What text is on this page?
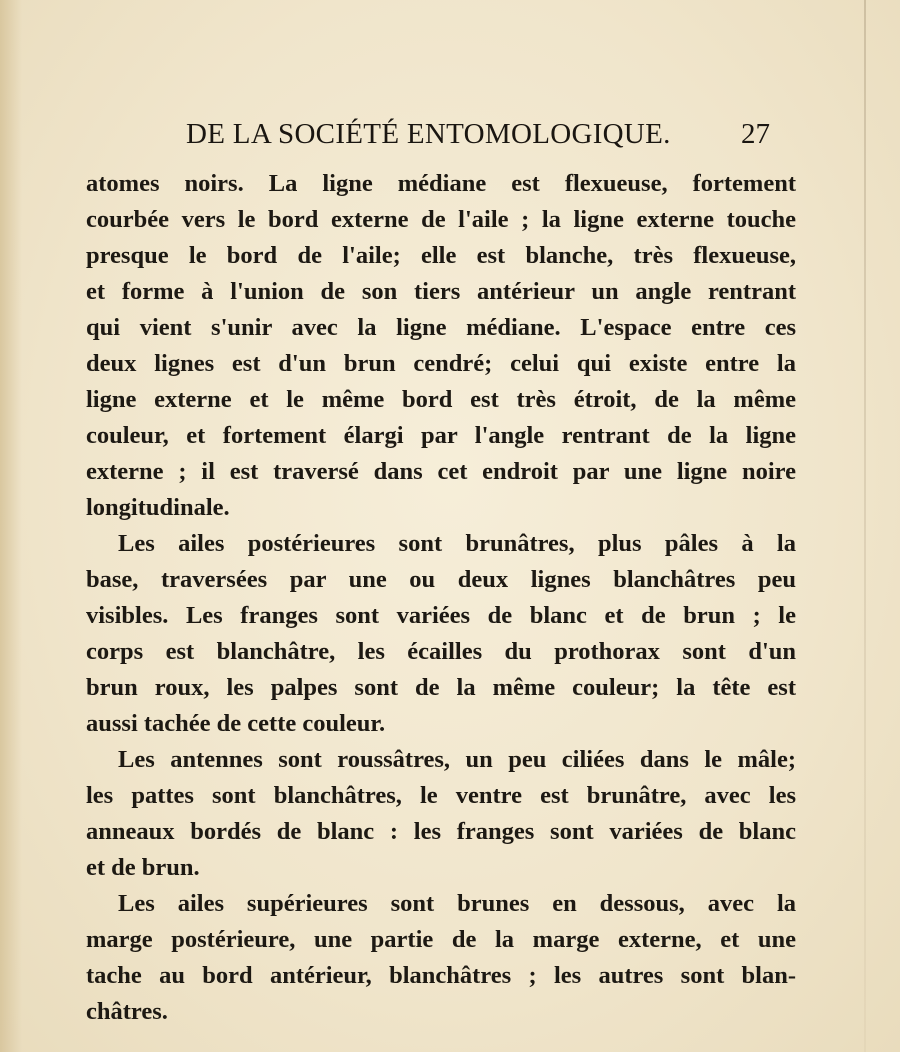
DE LA SOCIÉTÉ ENTOMOLOGIQUE. 27
atomes noirs. La ligne médiane est flexueuse, fortement
courbée vers le bord externe de l'aile ; la ligne externe touche
presque le bord de l'aile; elle est blanche, très flexueuse,
et forme à l'union de son tiers antérieur un angle rentrant
qui vient s'unir avec la ligne médiane. L'espace entre ces
deux lignes est d'un brun cendré; celui qui existe entre la
ligne externe et le même bord est très étroit, de la même
couleur, et fortement élargi par l'angle rentrant de la ligne
externe ; il est traversé dans cet endroit par une ligne noire
longitudinale.
Les ailes postérieures sont brunâtres, plus pâles à la
base, traversées par une ou deux lignes blanchâtres peu
visibles. Les franges sont variées de blanc et de brun ; le
corps est blanchâtre, les écailles du prothorax sont d'un
brun roux, les palpes sont de la même couleur; la tête est
aussi tachée de cette couleur.
Les antennes sont roussâtres, un peu ciliées dans le mâle;
les pattes sont blanchâtres, le ventre est brunâtre, avec les
anneaux bordés de blanc : les franges sont variées de blanc
et de brun.
Les ailes supérieures sont brunes en dessous, avec la
marge postérieure, une partie de la marge externe, et une
tache au bord antérieur, blanchâtres ; les autres sont blan-
châtres.
